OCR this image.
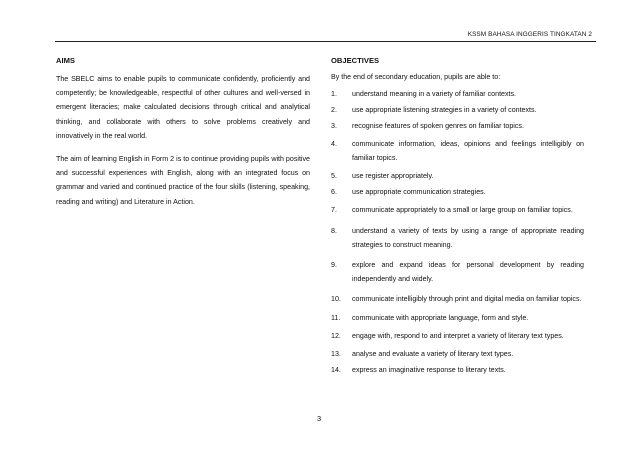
KSSM BAHASA INGGERIS TINGKATAN 2
AIMS

The SBELC aims to enable pupils to communicate confidently, proficiently and competently; be knowledgeable, respectful of other cultures and well-versed in emergent literacies; make calculated decisions through critical and analytical thinking, and collaborate with others to solve problems creatively and innovatively in the real world.

The aim of learning English in Form 2 is to continue providing pupils with positive and successful experiences with English, along with an integrated focus on grammar and varied and continued practice of the four skills (listening, speaking, reading and writing) and Literature in Action.

OBJECTIVES
By the end of secondary education, pupils are able to:
1.	understand meaning in a variety of familiar contexts.
2.	use appropriate listening strategies in a variety of contexts.
3.	recognise features of spoken genres on familiar topics.
4.	communicate information, ideas, opinions and feelings intelligibly on familiar topics.
5.	use register appropriately.
6.	use appropriate communication strategies.
7.	communicate appropriately to a small or large group on familiar topics.
8.	understand a variety of texts by using a range of appropriate reading strategies to construct meaning.
9.	explore and expand ideas for personal development by reading independently and widely.
10.	communicate intelligibly through print and digital media on familiar topics.
11.	communicate with appropriate language, form and style.
12.	engage with, respond to and interpret a variety of literary text types.
13.	analyse and evaluate a variety of literary text types.
14.	express an imaginative response to literary texts.
3
